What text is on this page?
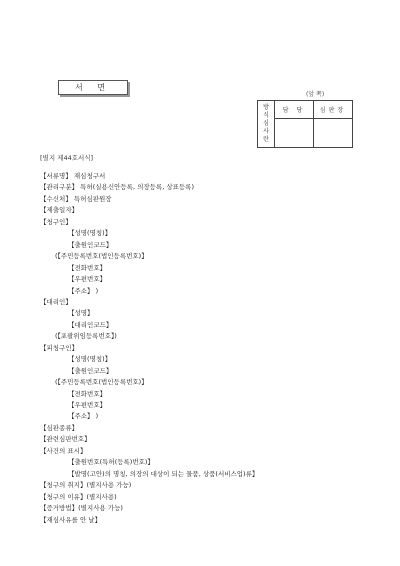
서 면
(앞 쪽)
방
식
심
사
란	담 당	심판장

[별지 제44호서식]
【서류명】 재심청구서
【관리구분】 특허(실용신안등록, 의장등록, 상표등록)
【수신처】 특허심판원장
【제출일자】
【청구인】
【성명(명칭)】
【출원인코드】
(【주민등록번호(법인등록번호)】
【전화번호】
【우편번호】
【주소】 )
【대리인】
【성명】
【대리인코드】
(【포괄위임등록번호】)
【피청구인】
【성명(명칭)】
【출원인코드】
(【주민등록번호(법인등록번호)】
【전화번호】
【우편번호】
【주소】 )
【심판종류】
【관련심판번호】
【사건의 표시】
【출원번호(특허(등록)번호)】
【발명(고안)의 명칭, 의장의 대상이 되는 물품, 상품(서비스업)류】
【청구의 취지】(별지사용 가능)
【청구의 이유】(별지사용)
【증거방법】(별지사용 가능)
【재심사유를 안 날】
